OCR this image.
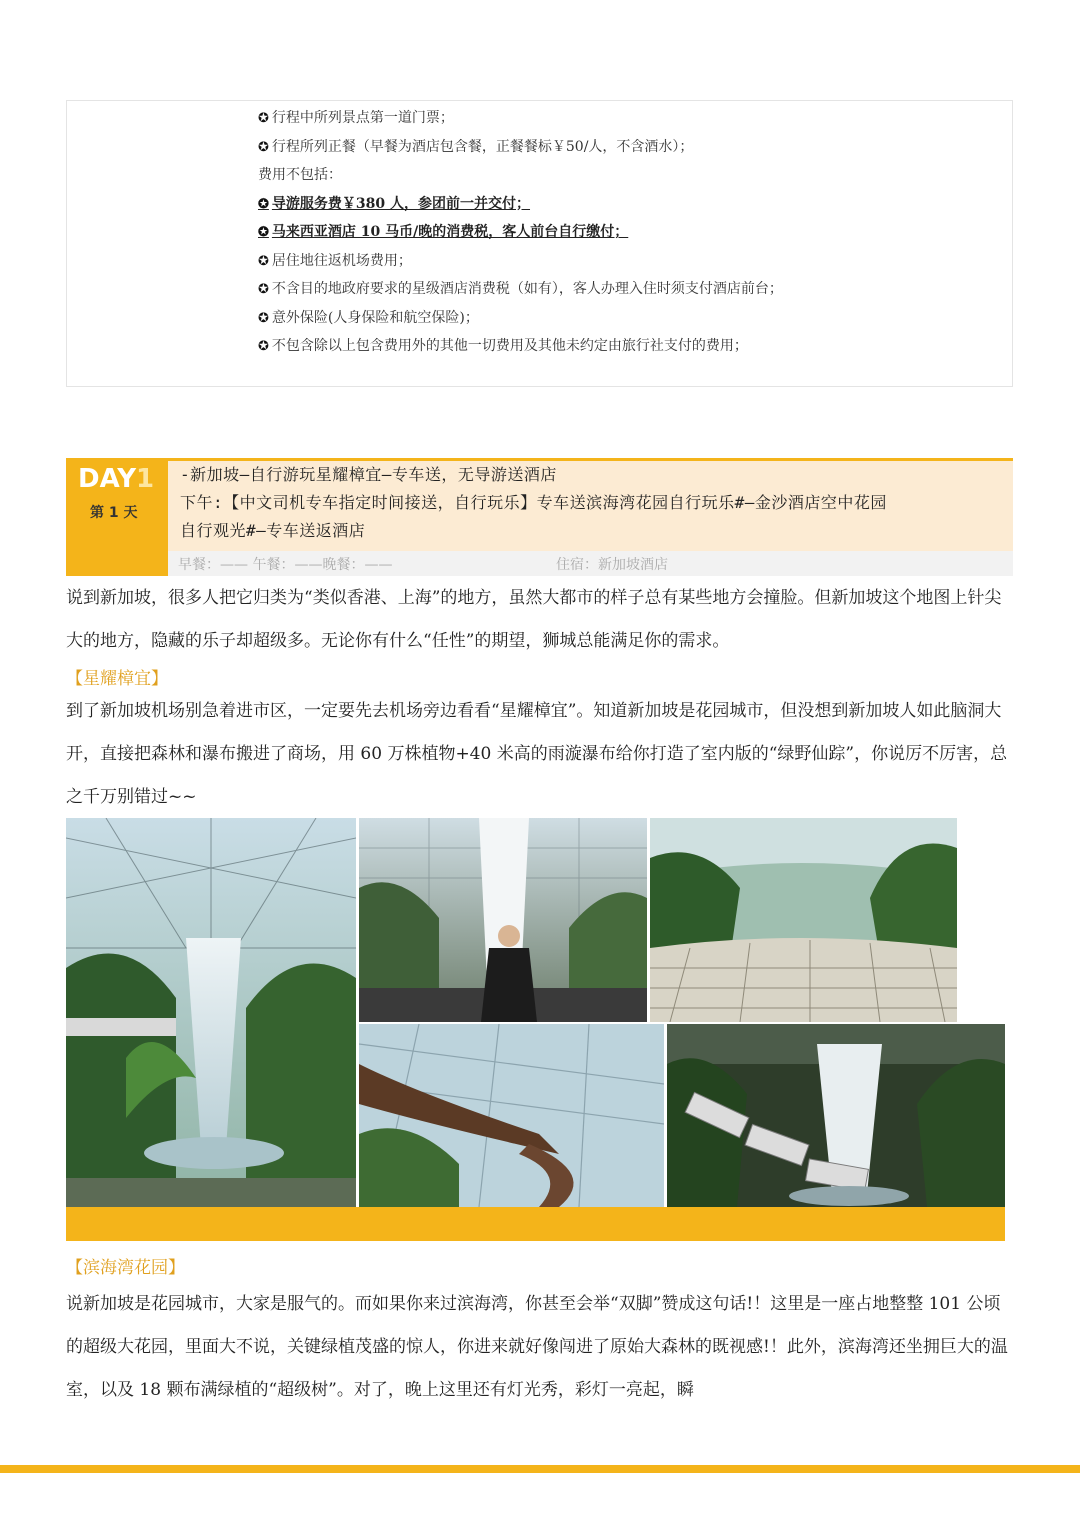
✪ 行程中所列景点第一道门票；
✪ 行程所列正餐（早餐为酒店包含餐，正餐餐标￥50/人，不含酒水）；
费用不包括：
✪ 导游服务费￥380 人，参团前一并交付；
✪ 马来西亚酒店 10 马币/晚的消费税，客人前台自行缴付；
✪ 居住地往返机场费用；
✪ 不含目的地政府要求的星级酒店消费税（如有），客人办理入住时须支付酒店前台；
✪ 意外保险(人身保险和航空保险)；
✪ 不包含除以上包含费用外的其他一切费用及其他未约定由旅行社支付的费用；
DAY1
第 1 天
-新加坡—自行游玩星耀樟宜—专车送，无导游送酒店
下午:【中文司机专车指定时间接送，自行玩乐】专车送滨海湾花园自行玩乐#—金沙酒店空中花园
自行观光#—专车送返酒店
早餐：—— 午餐：——晚餐：——	住宿：新加坡酒店
说到新加坡，很多人把它归类为“类似香港、上海”的地方，虽然大都市的样子总有某些地方会撞脸。但新加坡这个地图上针尖大的地方，隐藏的乐子却超级多。无论你有什么“任性”的期望，狮城总能满足你的需求。
【星耀樟宜】
到了新加坡机场别急着进市区，一定要先去机场旁边看看“星耀樟宜”。知道新加坡是花园城市，但没想到新加坡人如此脑洞大开，直接把森林和瀑布搬进了商场，用 60 万株植物+40 米高的雨漩瀑布给你打造了室内版的“绿野仙踪”，你说厉不厉害，总之千万别错过~~
【滨海湾花园】
说新加坡是花园城市，大家是服气的。而如果你来过滨海湾，你甚至会举“双脚”赞成这句话!！这里是一座占地整整 101 公顷的超级大花园，里面大不说，关键绿植茂盛的惊人，你进来就好像闯进了原始大森林的既视感!！此外，滨海湾还坐拥巨大的温室，以及 18 颗布满绿植的“超级树”。对了，晚上这里还有灯光秀，彩灯一亮起，瞬
